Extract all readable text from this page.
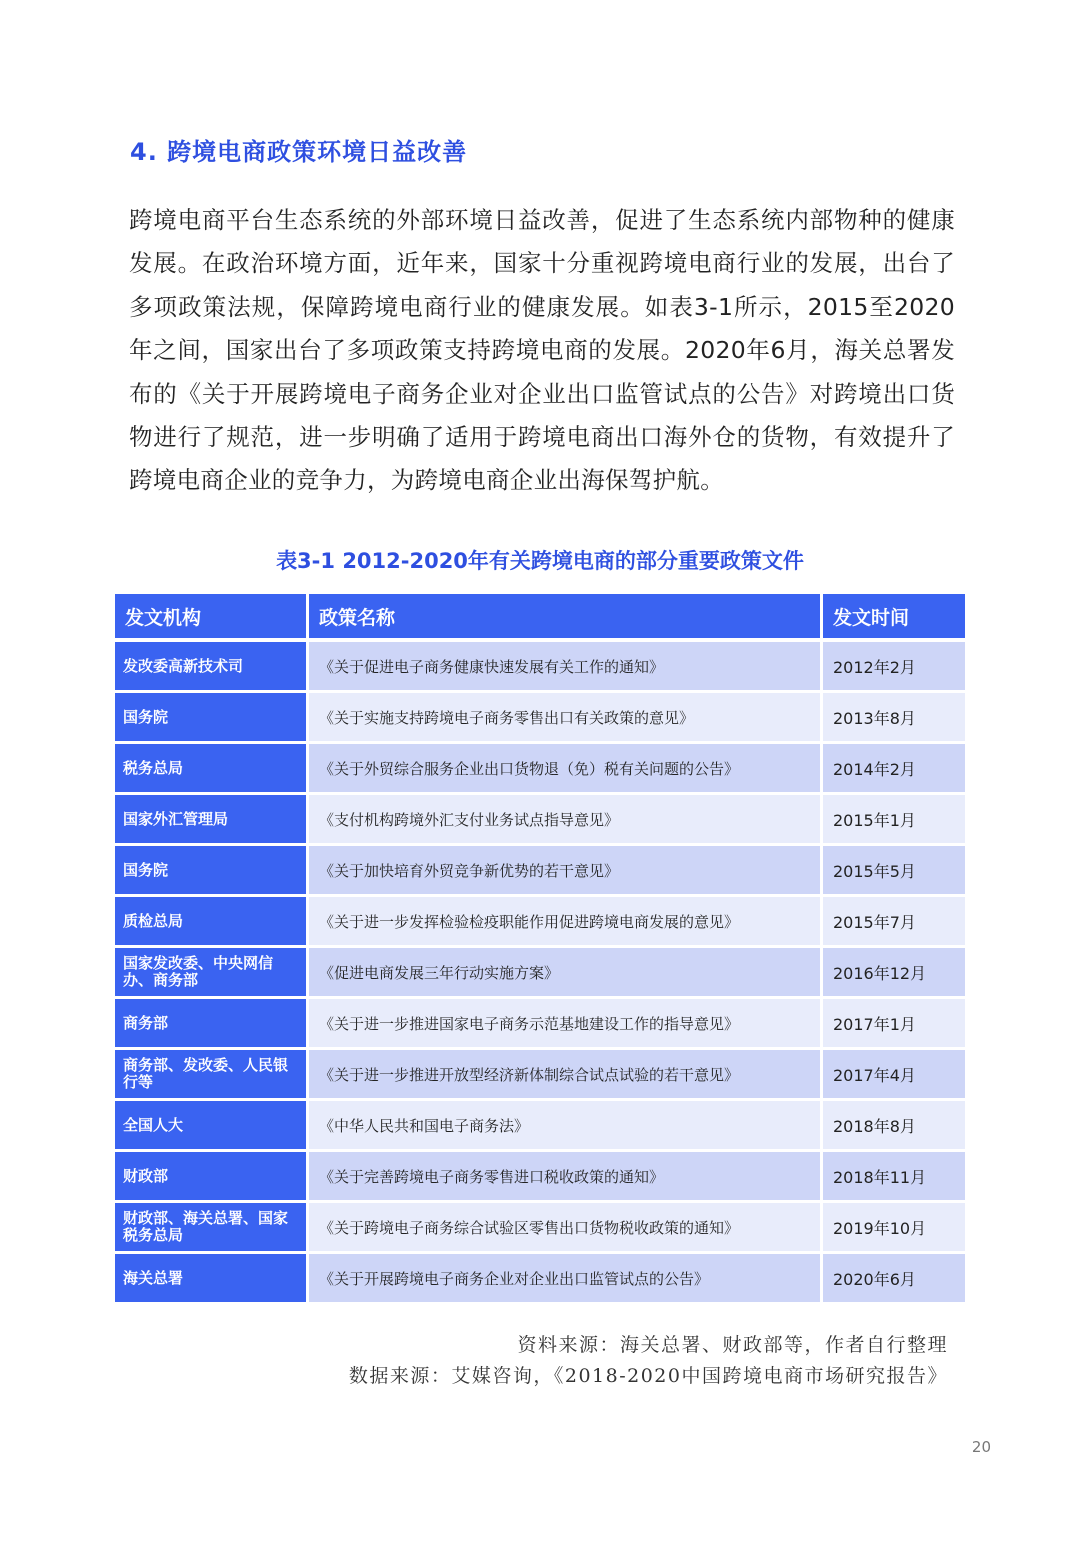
4. 跨境电商政策环境日益改善

跨境电商平台生态系统的外部环境日益改善，促进了生态系统内部物种的健康发展。在政治环境方面，近年来，国家十分重视跨境电商行业的发展，出台了多项政策法规，保障跨境电商行业的健康发展。如表3-1所示，2015至2020年之间，国家出台了多项政策支持跨境电商的发展。2020年6月，海关总署发布的《关于开展跨境电子商务企业对企业出口监管试点的公告》对跨境出口货物进行了规范，进一步明确了适用于跨境电商出口海外仓的货物，有效提升了跨境电商企业的竞争力，为跨境电商企业出海保驾护航。

表3-1 2012-2020年有关跨境电商的部分重要政策文件
发文机构	政策名称	发文时间
发改委高新技术司	《关于促进电子商务健康快速发展有关工作的通知》	2012年2月
国务院	《关于实施支持跨境电子商务零售出口有关政策的意见》	2013年8月
税务总局	《关于外贸综合服务企业出口货物退（免）税有关问题的公告》	2014年2月
国家外汇管理局	《支付机构跨境外汇支付业务试点指导意见》	2015年1月
国务院	《关于加快培育外贸竞争新优势的若干意见》	2015年5月
质检总局	《关于进一步发挥检验检疫职能作用促进跨境电商发展的意见》	2015年7月
国家发改委、中央网信办、商务部	《促进电商发展三年行动实施方案》	2016年12月
商务部	《关于进一步推进国家电子商务示范基地建设工作的指导意见》	2017年1月
商务部、发改委、人民银行等	《关于进一步推进开放型经济新体制综合试点试验的若干意见》	2017年4月
全国人大	《中华人民共和国电子商务法》	2018年8月
财政部	《关于完善跨境电子商务零售进口税收政策的通知》	2018年11月
财政部、海关总署、国家税务总局	《关于跨境电子商务综合试验区零售出口货物税收政策的通知》	2019年10月
海关总署	《关于开展跨境电子商务企业对企业出口监管试点的公告》	2020年6月
资料来源：海关总署、财政部等，作者自行整理
数据来源：艾媒咨询，《2018-2020中国跨境电商市场研究报告》
20
